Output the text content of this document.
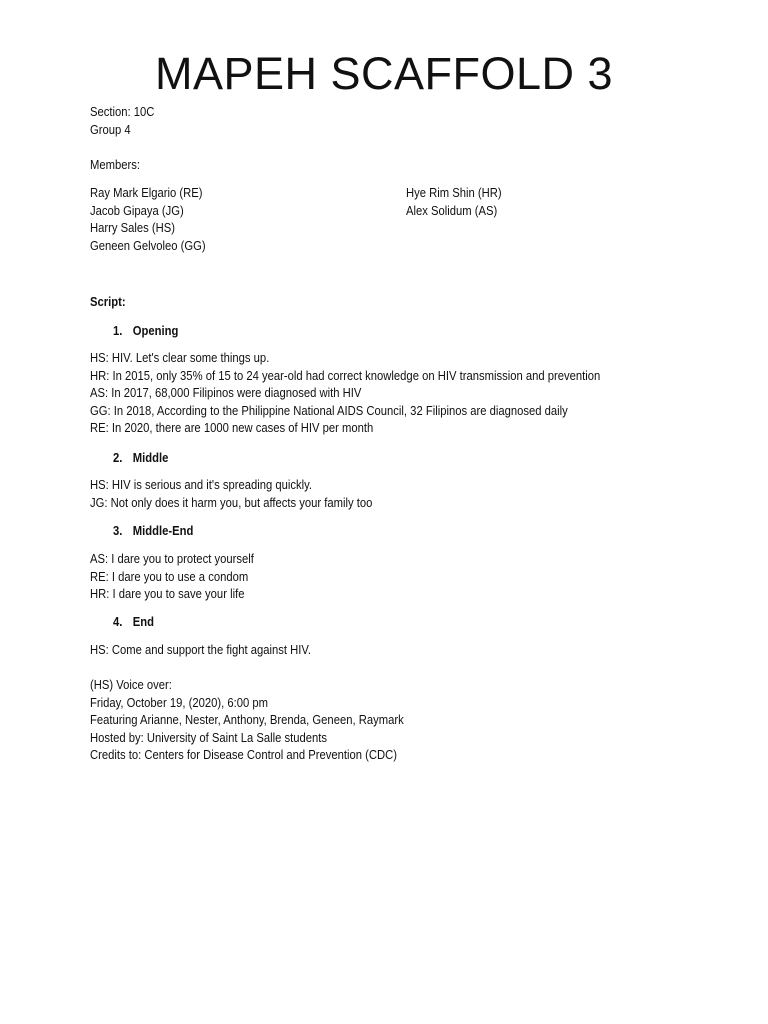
MAPEH SCAFFOLD 3
Section: 10C
Group 4
Members:
Ray Mark Elgario (RE)
Jacob Gipaya (JG)
Harry Sales (HS)
Geneen Gelvoleo (GG)
Hye Rim Shin (HR)
Alex Solidum (AS)
Script:
1. Opening
HS: HIV. Let's clear some things up.
HR: In 2015, only 35% of 15 to 24 year-old had correct knowledge on HIV transmission and prevention
AS: In 2017, 68,000 Filipinos were diagnosed with HIV
GG: In 2018, According to the Philippine National AIDS Council, 32 Filipinos are diagnosed daily
RE: In 2020, there are 1000 new cases of HIV per month
2. Middle
HS: HIV is serious and it's spreading quickly.
JG: Not only does it harm you, but affects your family too
3. Middle-End
AS: I dare you to protect yourself
RE: I dare you to use a condom
HR: I dare you to save your life
4. End
HS: Come and support the fight against HIV.
(HS) Voice over:
Friday, October 19, (2020), 6:00 pm
Featuring Arianne, Nester, Anthony, Brenda, Geneen, Raymark
Hosted by: University of Saint La Salle students
Credits to: Centers for Disease Control and Prevention (CDC)
